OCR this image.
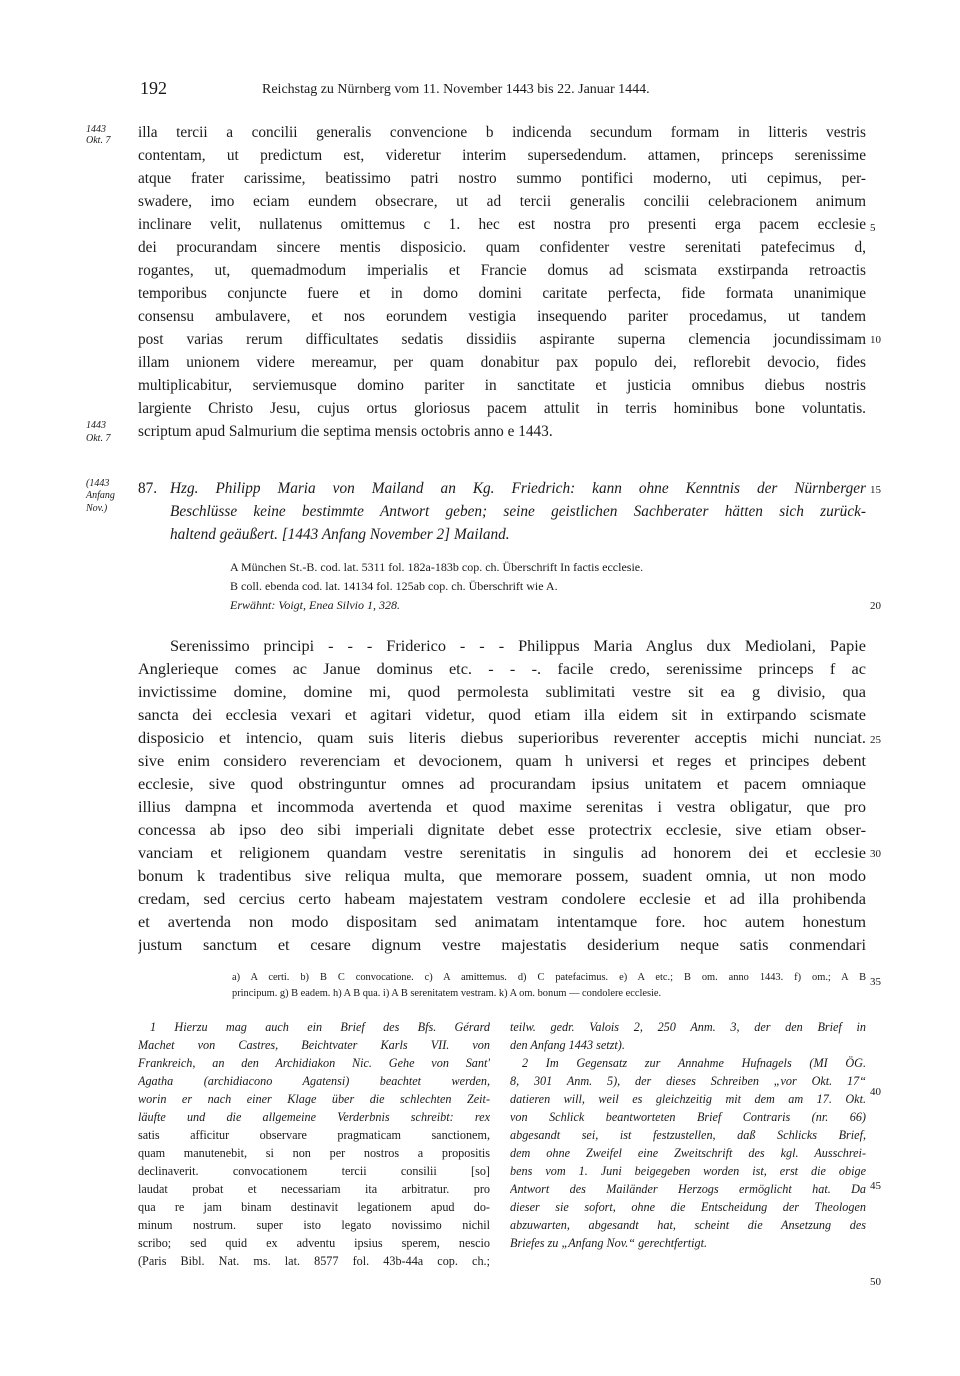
192	Reichstag zu Nürnberg vom 11. November 1443 bis 22. Januar 1444.
1443
Okt. 7
1443
Okt. 7
(1443
Anfang
Nov.)
5
10
15
20
25
30
35
40
45
50
illa tercii a concilii generalis convencione b indicenda secundum formam in litteris vestris
contentam, ut predictum est, videretur interim supersedendum. attamen, princeps serenissime
atque frater carissime, beatissimo patri nostro summo pontifici moderno, uti cepimus, per-
swadere, imo eciam eundem obsecrare, ut ad tercii generalis concilii celebracionem animum
inclinare velit, nullatenus omittemus c 1. hec est nostra pro presenti erga pacem ecclesie
dei procurandam sincere mentis disposicio. quam confidenter vestre serenitati patefecimus d,
rogantes, ut, quemadmodum imperialis et Francie domus ad scismata exstirpanda retroactis
temporibus conjuncte fuere et in domo domini caritate perfecta, fide formata unanimique
consensu ambulavere, et nos eorundem vestigia insequendo pariter procedamus, ut tandem
post varias rerum difficultates sedatis dissidiis aspirante superna clemencia jocundissimam
illam unionem videre mereamur, per quam donabitur pax populo dei, reflorebit devocio, fides
multiplicabitur, serviemusque domino pariter in sanctitate et justicia omnibus diebus nostris
largiente Christo Jesu, cujus ortus gloriosus pacem attulit in terris hominibus bone voluntatis.
scriptum apud Salmurium die septima mensis octobris anno e 1443.
87. Hzg. Philipp Maria von Mailand an Kg. Friedrich: kann ohne Kenntnis der Nürnberger
Beschlüsse keine bestimmte Antwort geben; seine geistlichen Sachberater hätten sich zurück-
haltend geäußert. [1443 Anfang November 2] Mailand.
A München St.-B. cod. lat. 5311 fol. 182a-183b cop. ch. Überschrift In factis ecclesie.
B coll. ebenda cod. lat. 14134 fol. 125ab cop. ch. Überschrift wie A.
Erwähnt: Voigt, Enea Silvio 1, 328.
Serenissimo principi - - - Friderico - - - Philippus Maria Anglus dux Mediolani, Papie
Anglerieque comes ac Janue dominus etc. - - -. facile credo, serenissime princeps f ac
invictissime domine, domine mi, quod permolesta sublimitati vestre sit ea g divisio, qua
sancta dei ecclesia vexari et agitari videtur, quod etiam illa eidem sit in extirpando scismate
disposicio et intencio, quam suis literis diebus superioribus reverenter acceptis michi nunciat.
sive enim considero reverenciam et devocionem, quam h universi et reges et principes debent
ecclesie, sive quod obstringuntur omnes ad procurandam ipsius unitatem et pacem omniaque
illius dampna et incommoda avertenda et quod maxime serenitas i vestra obligatur, que pro
concessa ab ipso deo sibi imperiali dignitate debet esse protectrix ecclesie, sive etiam obser-
vanciam et religionem quandam vestre serenitatis in singulis ad honorem dei et ecclesie
bonum k tradentibus sive reliqua multa, que memorare possem, suadent omnia, ut non modo
credam, sed cercius certo habeam majestatem vestram condolere ecclesie et ad illa prohibenda
et avertenda non modo dispositam sed animatam intentamque fore. hoc autem honestum
justum sanctum et cesare dignum vestre majestatis desiderium neque satis conmendari
a) A certi. b) B C convocatione. c) A amittemus. d) C patefacimus. e) A etc.; B om. anno 1443. f) om.; A B
principum. g) B eadem. h) A B qua. i) A B serenitatem vestram. k) A om. bonum — condolere ecclesie.
1 Hierzu mag auch ein Brief des Bfs. Gérard
Machet von Castres, Beichtvater Karls VII. von
Frankreich, an den Archidiakon Nic. Gehe von Sant'
Agatha (archidiacono Agatensi) beachtet werden,
worin er nach einer Klage über die schlechten Zeit-
läufte und die allgemeine Verderbnis schreibt: rex
satis afficitur observare pragmaticam sanctionem,
quam manutenebit, si non per nostros a propositis
declinaverit. convocationem tercii consilii [so]
laudat probat et necessariam ita arbitratur. pro
qua re jam binam destinavit legationem apud do-
minum nostrum. super isto legato novissimo nichil
scribo; sed quid ex adventu ipsius sperem, nescio
(Paris Bibl. Nat. ms. lat. 8577 fol. 43b-44a cop. ch.;
teilw. gedr. Valois 2, 250 Anm. 3, der den Brief in
den Anfang 1443 setzt).
2 Im Gegensatz zur Annahme Hufnagels (MI ÖG.
8, 301 Anm. 5), der dieses Schreiben „vor Okt. 17“
datieren will, weil es gleichzeitig mit dem am 17. Okt.
von Schlick beantworteten Brief Contraris (nr. 66)
abgesandt sei, ist festzustellen, daß Schlicks Brief,
dem ohne Zweifel eine Zweitschrift des kgl. Ausschrei-
bens vom 1. Juni beigegeben worden ist, erst die obige
Antwort des Mailänder Herzogs ermöglicht hat. Da
dieser sie sofort, ohne die Entscheidung der Theologen
abzuwarten, abgesandt hat, scheint die Ansetzung des
Briefes zu „Anfang Nov.“ gerechtfertigt.
